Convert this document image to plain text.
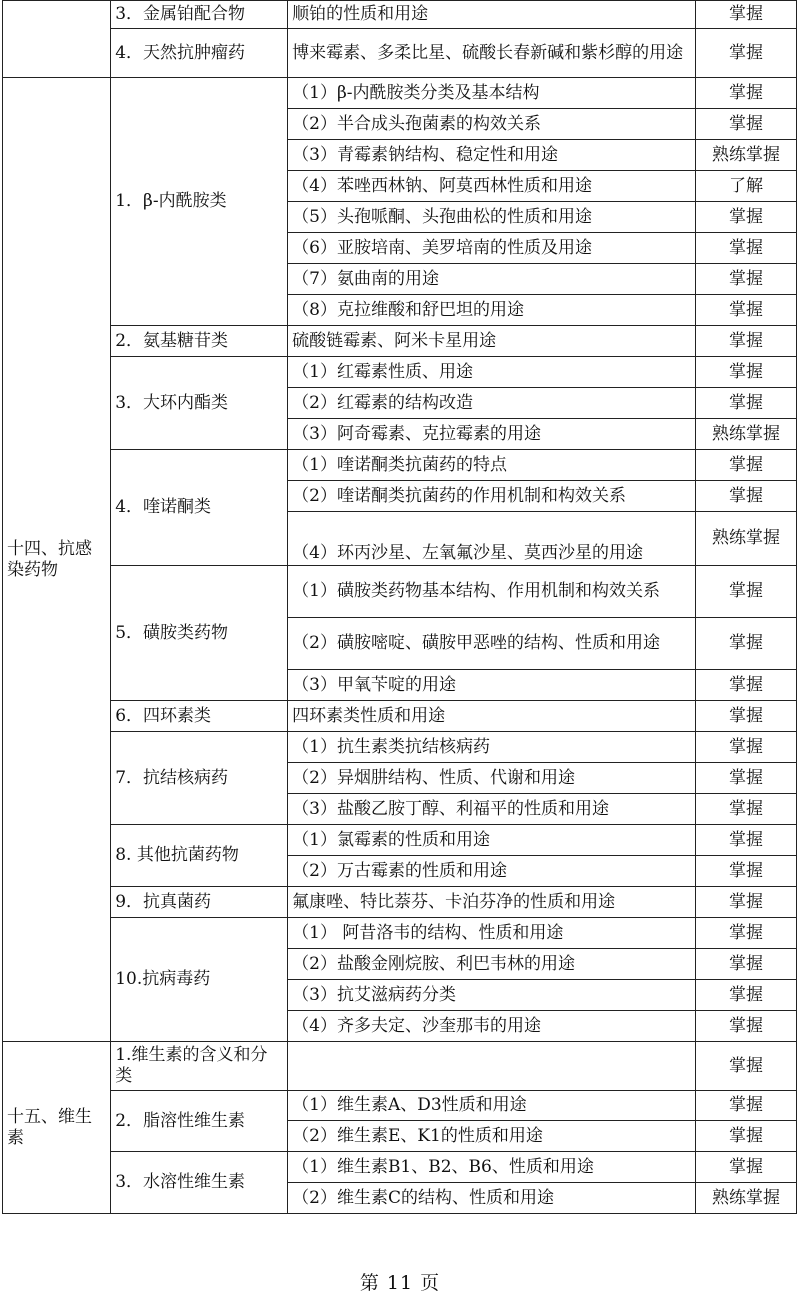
	3．金属铂配合物	顺铂的性质和用途	掌握
	4．天然抗肿瘤药	博来霉素、多柔比星、硫酸长春新碱和紫杉醇的用途	掌握
十四、抗感染药物	1．β-内酰胺类	（1）β-内酰胺类分类及基本结构	掌握
		（2）半合成头孢菌素的构效关系	掌握
		（3）青霉素钠结构、稳定性和用途	熟练掌握
		（4）苯唑西林钠、阿莫西林性质和用途	了解
		（5）头孢哌酮、头孢曲松的性质和用途	掌握
		（6）亚胺培南、美罗培南的性质及用途	掌握
		（7）氨曲南的用途	掌握
		（8）克拉维酸和舒巴坦的用途	掌握
	2．氨基糖苷类	硫酸链霉素、阿米卡星用途	掌握
	3．大环内酯类	（1）红霉素性质、用途	掌握
		（2）红霉素的结构改造	掌握
		（3）阿奇霉素、克拉霉素的用途	熟练掌握
	4．喹诺酮类	（1）喹诺酮类抗菌药的特点	掌握
		（2）喹诺酮类抗菌药的作用机制和构效关系	掌握
		（4）环丙沙星、左氧氟沙星、莫西沙星的用途	熟练掌握
	5．磺胺类药物	（1）磺胺类药物基本结构、作用机制和构效关系	掌握
		（2）磺胺嘧啶、磺胺甲恶唑的结构、性质和用途	掌握
		（3）甲氧苄啶的用途	掌握
	6．四环素类	四环素类性质和用途	掌握
	7．抗结核病药	（1）抗生素类抗结核病药	掌握
		（2）异烟肼结构、性质、代谢和用途	掌握
		（3）盐酸乙胺丁醇、利福平的性质和用途	掌握
	8. 其他抗菌药物	（1）氯霉素的性质和用途	掌握
		（2）万古霉素的性质和用途	掌握
	9．抗真菌药	氟康唑、特比萘芬、卡泊芬净的性质和用途	掌握
	10.抗病毒药	（1） 阿昔洛韦的结构、性质和用途	掌握
		（2）盐酸金刚烷胺、利巴韦林的用途	掌握
		（3）抗艾滋病药分类	掌握
		（4）齐多夫定、沙奎那韦的用途	掌握
十五、维生素	1.维生素的含义和分类		掌握
	2．脂溶性维生素	（1）维生素A、D3性质和用途	掌握
		（2）维生素E、K1的性质和用途	掌握
	3．水溶性维生素	（1）维生素B1、B2、B6、性质和用途	掌握
		（2）维生素C的结构、性质和用途	熟练掌握
第 11 页
